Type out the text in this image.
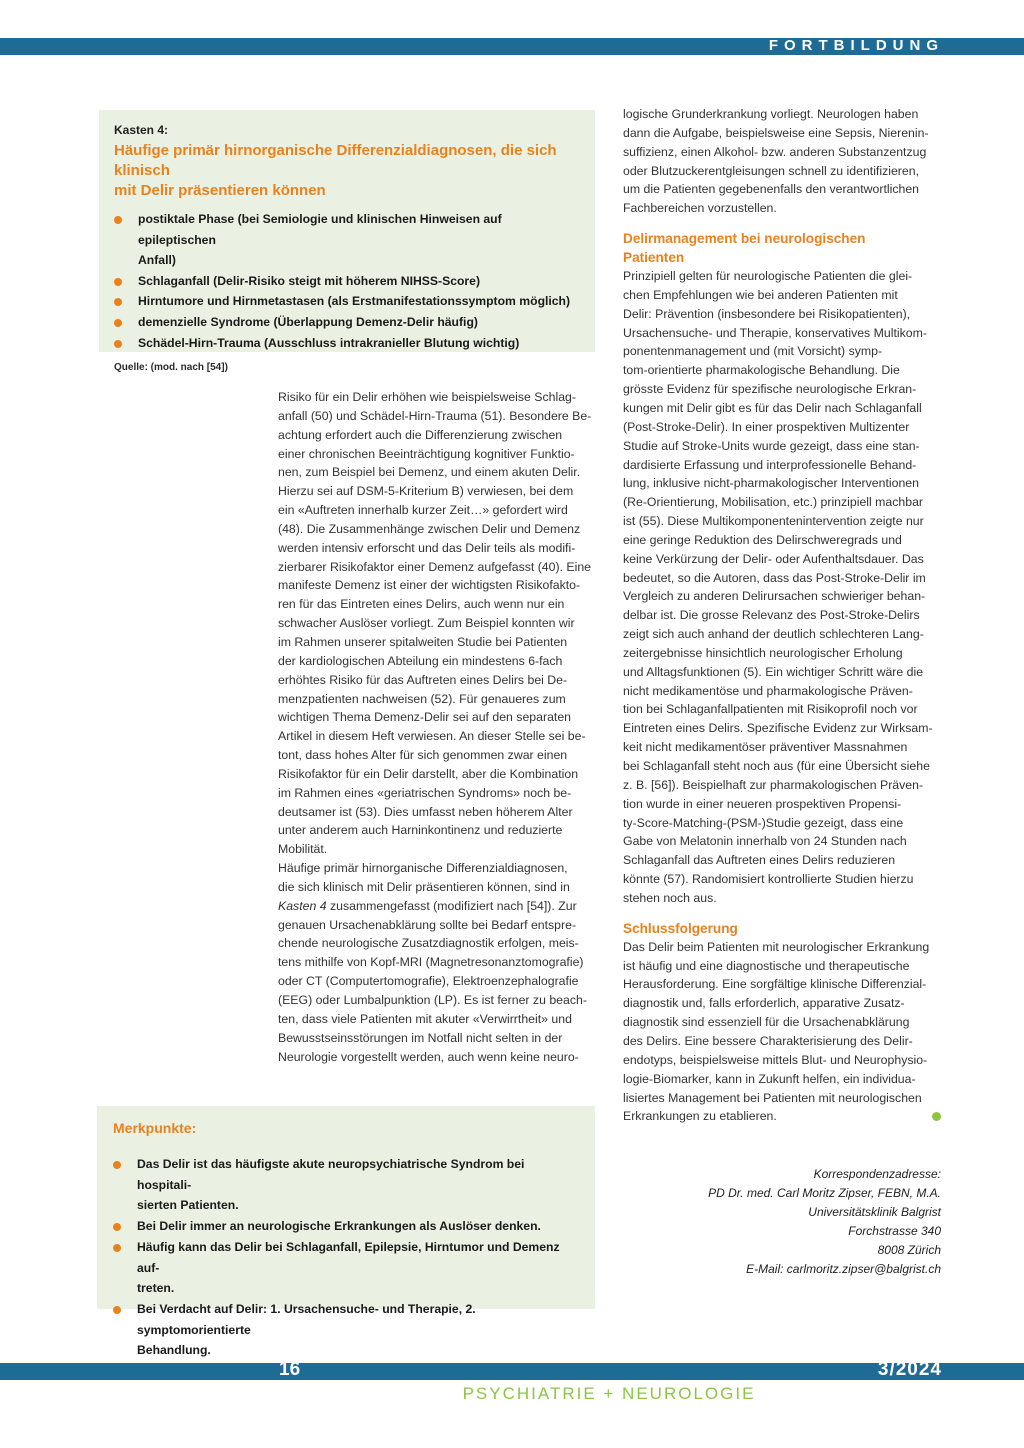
FORTBILDUNG
Kasten 4:
Häufige primär hirnorganische Differenzialdiagnosen, die sich klinisch
mit Delir präsentieren können
postiktale Phase (bei Semiologie und klinischen Hinweisen auf epileptischen
Anfall)
Schlaganfall (Delir-Risiko steigt mit höherem NIHSS-Score)
Hirntumore und Hirnmetastasen (als Erstmanifestationssymptom möglich)
demenzielle Syndrome (Überlappung Demenz-Delir häufig)
Schädel-Hirn-Trauma (Ausschluss intrakranieller Blutung wichtig)
Quelle: (mod. nach [54])
Risiko für ein Delir erhöhen wie beispielsweise Schlag-
anfall (50) und Schädel-Hirn-Trauma (51). Besondere Be-
achtung erfordert auch die Differenzierung zwischen
einer chronischen Beeinträchtigung kognitiver Funktio-
nen, zum Beispiel bei Demenz, und einem akuten Delir.
Hierzu sei auf DSM-5-Kriterium B) verwiesen, bei dem
ein «Auftreten innerhalb kurzer Zeit…» gefordert wird
(48). Die Zusammenhänge zwischen Delir und Demenz
werden intensiv erforscht und das Delir teils als modifi-
zierbarer Risikofaktor einer Demenz aufgefasst (40). Eine
manifeste Demenz ist einer der wichtigsten Risikofakto-
ren für das Eintreten eines Delirs, auch wenn nur ein
schwacher Auslöser vorliegt. Zum Beispiel konnten wir
im Rahmen unserer spitalweiten Studie bei Patienten
der kardiologischen Abteilung ein mindestens 6-fach
erhöhtes Risiko für das Auftreten eines Delirs bei De-
menzpatienten nachweisen (52). Für genaueres zum
wichtigen Thema Demenz-Delir sei auf den separaten
Artikel in diesem Heft verwiesen. An dieser Stelle sei be-
tont, dass hohes Alter für sich genommen zwar einen
Risikofaktor für ein Delir darstellt, aber die Kombination
im Rahmen eines «geriatrischen Syndroms» noch be-
deutsamer ist (53). Dies umfasst neben höherem Alter
unter anderem auch Harninkontinenz und reduzierte
Mobilität.
Häufige primär hirnorganische Differenzialdiagnosen,
die sich klinisch mit Delir präsentieren können, sind in
Kasten 4 zusammengefasst (modifiziert nach [54]). Zur
genauen Ursachenabklärung sollte bei Bedarf entspre-
chende neurologische Zusatzdiagnostik erfolgen, meis-
tens mithilfe von Kopf-MRI (Magnetresonanztomografie)
oder CT (Computertomografie), Elektroenzephalografie
(EEG) oder Lumbalpunktion (LP). Es ist ferner zu beach-
ten, dass viele Patienten mit akuter «Verwirrtheit» und
Bewusstseinsstörungen im Notfall nicht selten in der
Neurologie vorgestellt werden, auch wenn keine neuro-
logische Grunderkrankung vorliegt. Neurologen haben
dann die Aufgabe, beispielsweise eine Sepsis, Nierenin-
suffizienz, einen Alkohol- bzw. anderen Substanzentzug
oder Blutzuckerentgleisungen schnell zu identifizieren,
um die Patienten gegebenenfalls den verantwortlichen
Fachbereichen vorzustellen.
Delirmanagement bei neurologischen
Patienten
Prinzipiell gelten für neurologische Patienten die glei-
chen Empfehlungen wie bei anderen Patienten mit
Delir: Prävention (insbesondere bei Risikopatienten),
Ursachensuche- und Therapie, konservatives Multikom-
ponentenmanagement und (mit Vorsicht) symp-
tom-orientierte pharmakologische Behandlung. Die
grösste Evidenz für spezifische neurologische Erkran-
kungen mit Delir gibt es für das Delir nach Schlaganfall
(Post-Stroke-Delir). In einer prospektiven Multizenter
Studie auf Stroke-Units wurde gezeigt, dass eine stan-
dardisierte Erfassung und interprofessionelle Behand-
lung, inklusive nicht-pharmakologischer Interventionen
(Re-Orientierung, Mobilisation, etc.) prinzipiell machbar
ist (55). Diese Multikomponentenintervention zeigte nur
eine geringe Reduktion des Delirschweregrads und
keine Verkürzung der Delir- oder Aufenthaltsdauer. Das
bedeutet, so die Autoren, dass das Post-Stroke-Delir im
Vergleich zu anderen Delirursachen schwieriger behan-
delbar ist. Die grosse Relevanz des Post-Stroke-Delirs
zeigt sich auch anhand der deutlich schlechteren Lang-
zeitergebnisse hinsichtlich neurologischer Erholung
und Alltagsfunktionen (5). Ein wichtiger Schritt wäre die
nicht medikamentöse und pharmakologische Präven-
tion bei Schlaganfallpatienten mit Risikoprofil noch vor
Eintreten eines Delirs. Spezifische Evidenz zur Wirksam-
keit nicht medikamentöser präventiver Massnahmen
bei Schlaganfall steht noch aus (für eine Übersicht siehe
z. B. [56]). Beispielhaft zur pharmakologischen Präven-
tion wurde in einer neueren prospektiven Propensi-
ty-Score-Matching-(PSM-)Studie gezeigt, dass eine
Gabe von Melatonin innerhalb von 24 Stunden nach
Schlaganfall das Auftreten eines Delirs reduzieren
könnte (57). Randomisiert kontrollierte Studien hierzu
stehen noch aus.
Schlussfolgerung
Das Delir beim Patienten mit neurologischer Erkrankung
ist häufig und eine diagnostische und therapeutische
Herausforderung. Eine sorgfältige klinische Differenzial-
diagnostik und, falls erforderlich, apparative Zusatz-
diagnostik sind essenziell für die Ursachenabklärung
des Delirs. Eine bessere Charakterisierung des Delir-
endotyps, beispielsweise mittels Blut- und Neurophysio-
logie-Biomarker, kann in Zukunft helfen, ein individua-
lisiertes Management bei Patienten mit neurologischen
Erkrankungen zu etablieren.
Merkpunkte:
Das Delir ist das häufigste akute neuropsychiatrische Syndrom bei hospitali-
sierten Patienten.
Bei Delir immer an neurologische Erkrankungen als Auslöser denken.
Häufig kann das Delir bei Schlaganfall, Epilepsie, Hirntumor und Demenz auf-
treten.
Bei Verdacht auf Delir: 1. Ursachensuche- und Therapie, 2. symptomorientierte
Behandlung.
Korrespondenzadresse:
PD Dr. med. Carl Moritz Zipser, FEBN, M.A.
Universitätsklinik Balgrist
Forchstrasse 340
8008 Zürich
E-Mail: carlmoritz.zipser@balgrist.ch
16	3/2024
PSYCHIATRIE + NEUROLOGIE
